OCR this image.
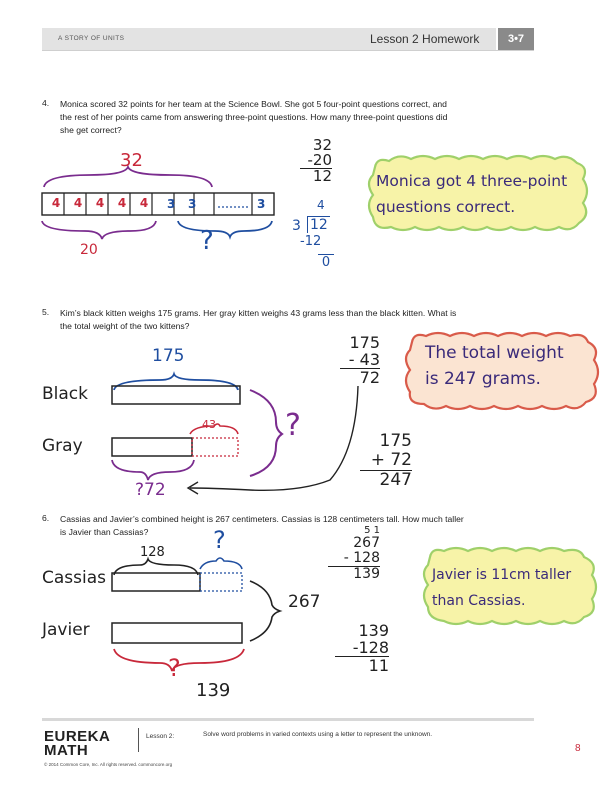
A STORY OF UNITS	Lesson 2 Homework	3•7
4. Monica scored 32 points for her team at the Science Bowl. She got 5 four-point questions correct, and
the rest of her points came from answering three-point questions. How many three-point questions did
she get correct?
32
4	4	4	4	4	3 3	3
20	?
32
-20
12
4
3 12
-12
0
Monica got 4 three-point
questions correct.
5. Kim’s black kitten weighs 175 grams. Her gray kitten weighs 43 grams less than the black kitten. What is
the total weight of the two kittens?
Black
175
Gray
43
?72
?
175
- 43
72
175
+ 72
247
The total weight
is 247 grams.
6. Cassias and Javier’s combined height is 267 centimeters. Cassias is 128 centimeters tall. How much taller
is Javier than Cassias?
Cassias
128 ?
Javier
?
139
267
5 1
267
- 128
139
139
-128
11
Javier is 11cm taller
than Cassias.
EUREKA
MATH
Lesson 2:	Solve word problems in varied contexts using a letter to represent the unknown.
© 2014 Common Core, Inc. All rights reserved. commoncore.org
8
